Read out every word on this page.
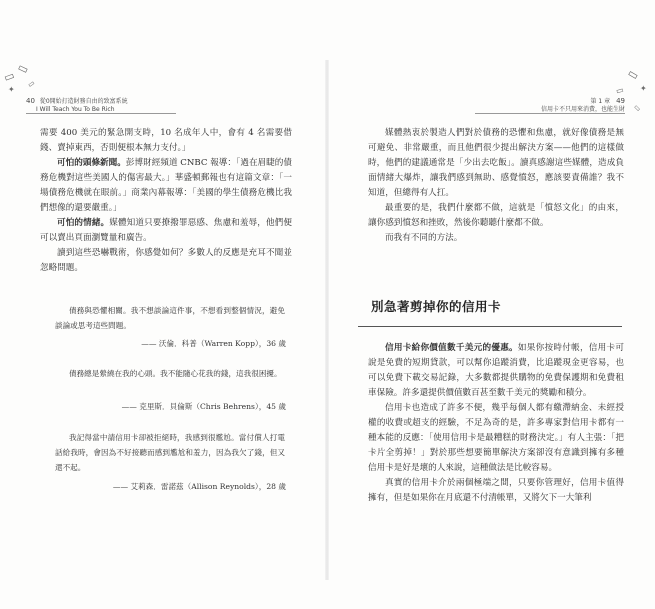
▭ ▭
✦
▭
▭
✦
▭
▭
40 從0開始打造財務自由的致富系統
I Will Teach You To Be Rich

需要 400 美元的緊急開支時，10 名成年人中，會有 4 名需要借錢、賣掉東西，否則便根本無力支付。」

可怕的頭條新聞。彭博財經頻道 CNBC 報導：「過在眉睫的債務危機對這些美國人的傷害最大。」華盛頓郵報也有這篇文章：「一場債務危機就在眼前。」商業內幕報導：「美國的學生債務危機比我們想像的還要嚴重。」

可怕的情緒。媒體知道只要撩撥罪惡感、焦慮和羞辱，他們便可以賣出頁面瀏覽量和廣告。

讀到這些恐嚇戰術，你感覺如何？多數人的反應是充耳不聞並忽略問題。

債務與恐懼相關。我不想談論這件事，不想看到整個情況，避免談論或思考這些問題。
—— 沃倫．科普（Warren Kopp），36 歲
債務總是縈繞在我的心頭。我不能隨心花我的錢，這我很困擾。
—— 克里斯．貝倫斯（Chris Behrens），45 歲
我記得當中請信用卡卻被拒絕時，我感到很尷尬。當付償人打電話給我時，會因為不好接聽而感到尷尬和羞力，因為我欠了錢，但又還不起。
—— 艾莉森．雷諾茲（Allison Reynolds），28 歲
第 1 章 49
信用卡不只用來消費，也能生財

媒體熱衷於製造人們對於債務的恐懼和焦慮，就好像債務是無可避免、非常嚴重，而且他們很少提出解決方案——他們的這樣做時，他們的建議通常是「少出去吃飯」。讀真感謝這些媒體，造成負面情緒大爆炸，讓我們感到無助、感覺憤怒，應該要責備誰？我不知道，但總得有人扛。

最重要的是，我們什麼都不做，這就是「憤怒文化」的由來，讓你感到憤怒和挫敗，然後你聽聽什麼都不做。

而我有不同的方法。

別急著剪掉你的信用卡

信用卡給你價值數千美元的優惠。如果你按時付帳，信用卡可說是免費的短期貸款，可以幫你追蹤消費，比追蹤現金更容易，也可以免費下載交易記錄，大多數都提供購物的免費保護期和免費租車保險。許多還提供價值數百甚至數千美元的獎勵和積分。

信用卡也造成了許多不便，幾乎每個人都有繳滯納金、未經授權的收費或超支的經驗，不足為奇的是，許多專家對信用卡都有一種本能的反應：「使用信用卡是最糟糕的財務決定。」有人主張：「把卡片全剪掉！」對於那些想要簡單解決方案卻沒有意識到擁有多種信用卡是好是壞的人來說，這種做法是比較容易。

真實的信用卡介於兩個極端之間，只要你管理好，信用卡值得擁有，但是如果你在月底還不付清帳單，又將欠下一大筆利
